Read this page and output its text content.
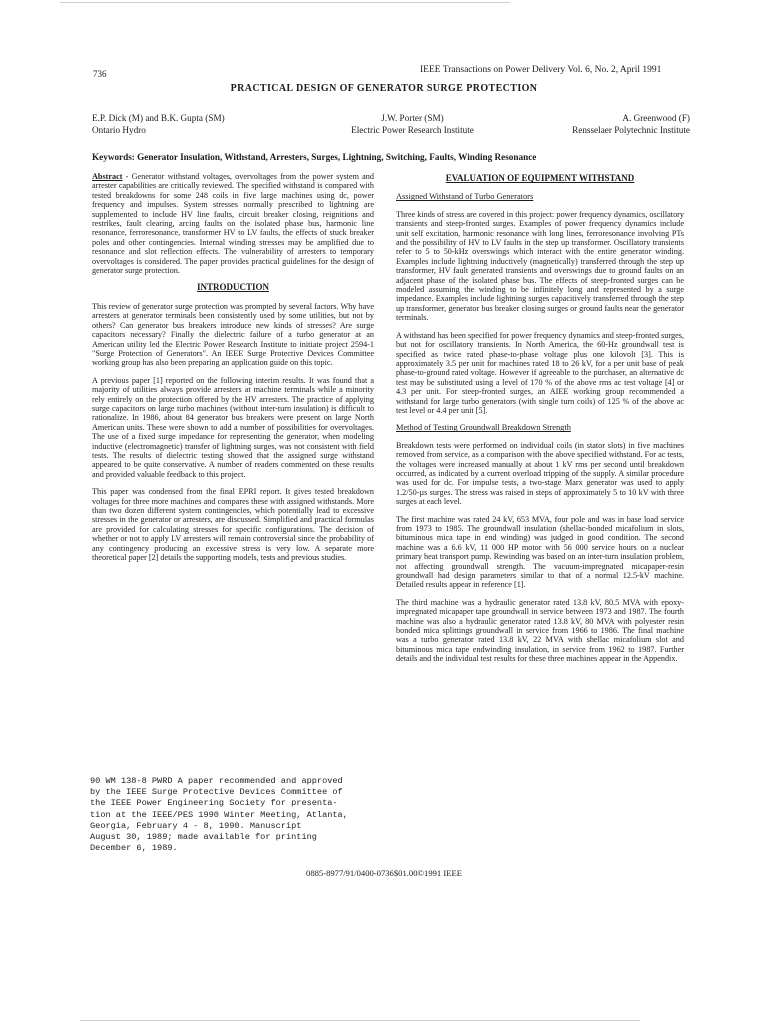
736	IEEE Transactions on Power Delivery Vol. 6, No. 2, April 1991
PRACTICAL DESIGN OF GENERATOR SURGE PROTECTION
E.P. Dick (M) and B.K. Gupta (SM)
Ontario Hydro
J.W. Porter (SM)
Electric Power Research Institute
A. Greenwood (F)
Rensselaer Polytechnic Institute
Keywords: Generator Insulation, Withstand, Arresters, Surges, Lightning, Switching, Faults, Winding Resonance

Abstract - Generator withstand voltages, overvoltages from the power system and arrester capabilities are critically reviewed. The specified withstand is compared with tested breakdowns for some 248 coils in five large machines using dc, power frequency and impulses. System stresses normally prescribed to lightning are supplemented to include HV line faults, circuit breaker closing, reignitions and restrikes, fault clearing, arcing faults on the isolated phase bus, harmonic line resonance, ferroresonance, transformer HV to LV faults, the effects of stuck breaker poles and other contingencies. Internal winding stresses may be amplified due to resonance and slot reflection effects. The vulnerability of arresters to temporary overvoltages is considered. The paper provides practical guidelines for the design of generator surge protection.

INTRODUCTION

This review of generator surge protection was prompted by several factors. Why have arresters at generator terminals been consistently used by some utilities, but not by others? Can generator bus breakers introduce new kinds of stresses? Are surge capacitors necessary? Finally the dielectric failure of a turbo generator at an American utility led the Electric Power Research Institute to initiate project 2594-1 "Surge Protection of Generators". An IEEE Surge Protective Devices Committee working group has also been preparing an application guide on this topic.

A previous paper [1] reported on the following interim results. It was found that a majority of utilities always provide arresters at machine terminals while a minority rely entirely on the protection offered by the HV arresters. The practice of applying surge capacitors on large turbo machines (without inter-turn insulation) is difficult to rationalize. In 1986, about 84 generator bus breakers were present on large North American units. These were shown to add a number of possibilities for overvoltages. The use of a fixed surge impedance for representing the generator, when modeling inductive (electromagnetic) transfer of lightning surges, was not consistent with field tests. The results of dielectric testing showed that the assigned surge withstand appeared to be quite conservative. A number of readers commented on these results and provided valuable feedback to this project.

This paper was condensed from the final EPRI report. It gives tested breakdown voltages for three more machines and compares these with assigned withstands. More than two dozen different system contingencies, which potentially lead to excessive stresses in the generator or arresters, are discussed. Simplified and practical formulas are provided for calculating stresses for specific configurations. The decision of whether or not to apply LV arresters will remain controversial since the probability of any contingency producing an excessive stress is very low. A separate more theoretical paper [2] details the supporting models, tests and previous studies.

EVALUATION OF EQUIPMENT WITHSTAND
Assigned Withstand of Turbo Generators

Three kinds of stress are covered in this project: power frequency dynamics, oscillatory transients and steep-fronted surges. Examples of power frequency dynamics include unit self excitation, harmonic resonance with long lines, ferroresonance involving PTs and the possibility of HV to LV faults in the step up transformer. Oscillatory transients refer to 5 to 50-kHz overswings which interact with the entire generator winding. Examples include lightning inductively (magnetically) transferred through the step up transformer, HV fault generated transients and overswings due to ground faults on an adjacent phase of the isolated phase bus. The effects of steep-fronted surges can be modeled assuming the winding to be infinitely long and represented by a surge impedance. Examples include lightning surges capacitively transferred through the step up transformer, generator bus breaker closing surges or ground faults near the generator terminals.

A withstand has been specified for power frequency dynamics and steep-fronted surges, but not for oscillatory transients. In North America, the 60-Hz groundwall test is specified as twice rated phase-to-phase voltage plus one kilovolt [3]. This is approximately 3.5 per unit for machines rated 18 to 26 kV, for a per unit base of peak phase-to-ground rated voltage. However if agreeable to the purchaser, an alternative dc test may be substituted using a level of 170 % of the above rms ac test voltage [4] or 4.3 per unit. For steep-fronted surges, an AIEE working group recommended a withstand for large turbo generators (with single turn coils) of 125 % of the above ac test level or 4.4 per unit [5].

Method of Testing Groundwall Breakdown Strength

Breakdown tests were performed on individual coils (in stator slots) in five machines removed from service, as a comparison with the above specified withstand. For ac tests, the voltages were increased manually at about 1 kV rms per second until breakdown occurred, as indicated by a current overload tripping of the supply. A similar procedure was used for dc. For impulse tests, a two-stage Marx generator was used to apply 1.2/50-µs surges. The stress was raised in steps of approximately 5 to 10 kV with three surges at each level.

The first machine was rated 24 kV, 653 MVA, four pole and was in base load service from 1973 to 1985. The groundwall insulation (shellac-bonded micafolium in slots, bituminous mica tape in end winding) was judged in good condition. The second machine was a 6.6 kV, 11 000 HP motor with 56 000 service hours on a nuclear primary heat transport pump. Rewinding was based on an inter-turn insulation problem, not affecting groundwall strength. The vacuum-impregnated micapaper-resin groundwall had design parameters similar to that of a normal 12.5-kV machine. Detailed results appear in reference [1].

The third machine was a hydraulic generator rated 13.8 kV, 80.5 MVA with epoxy-impregnated micapaper tape groundwall in service between 1973 and 1987. The fourth machine was also a hydraulic generator rated 13.8 kV, 80 MVA with polyester resin bonded mica splittings groundwall in service from 1966 to 1986. The final machine was a turbo generator rated 13.8 kV, 22 MVA with shellac micafolium slot and bituminous mica tape endwinding insulation, in service from 1962 to 1987. Further details and the individual test results for these three machines appear in the Appendix.

90 WM 138-8 PWRD A paper recommended and approved
by the IEEE Surge Protective Devices Committee of
the IEEE Power Engineering Society for presenta-
tion at the IEEE/PES 1990 Winter Meeting, Atlanta,
Georgia, February 4 - 8, 1990. Manuscript
August 30, 1989; made available for printing
December 6, 1989.
0885-8977/91/0400-0736$01.00©1991 IEEE
